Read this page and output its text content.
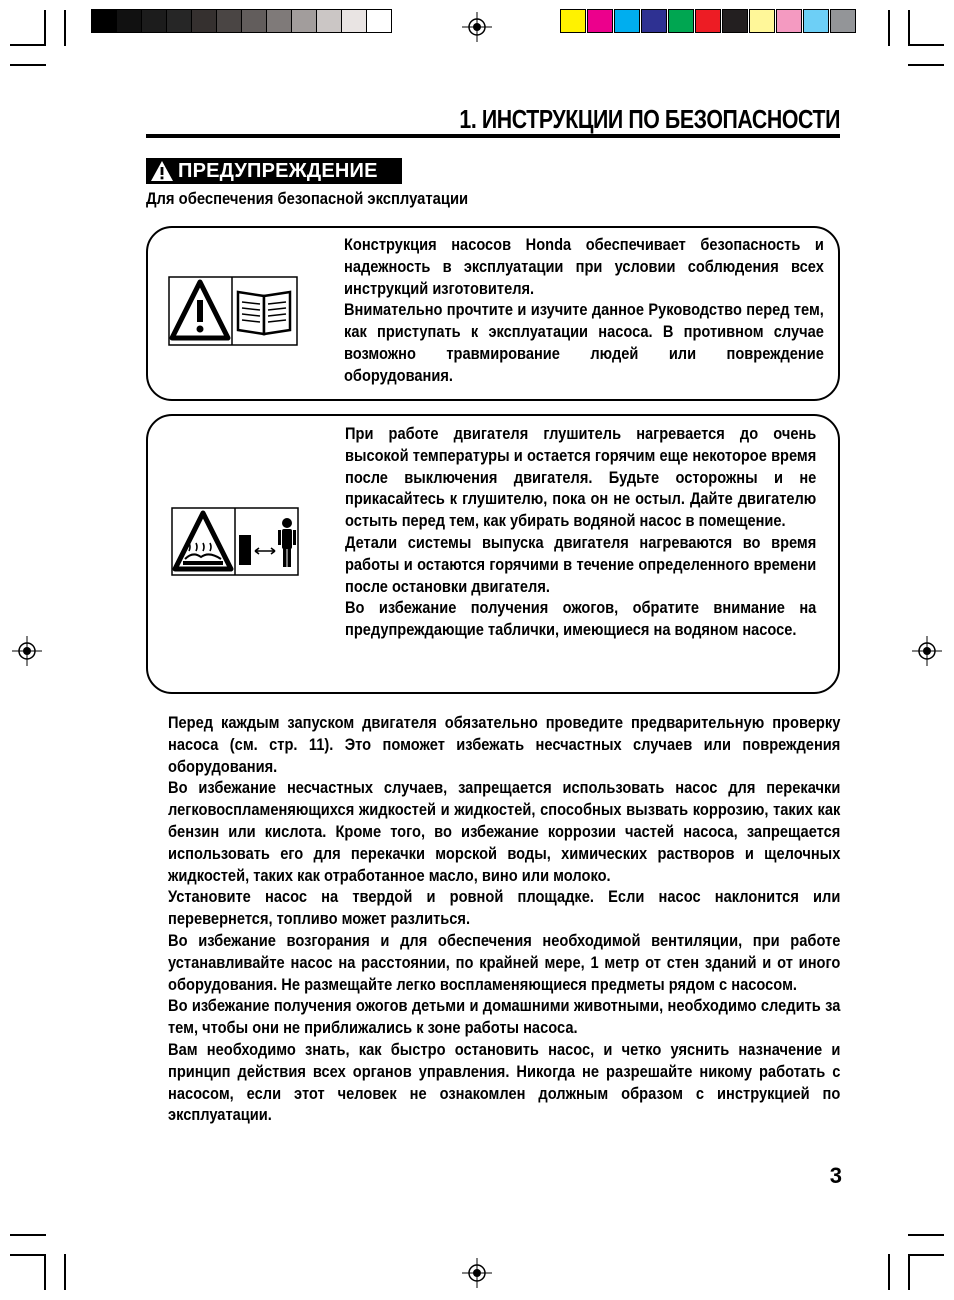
1. ИНСТРУКЦИИ ПО БЕЗОПАСНОСТИ
ПРЕДУПРЕЖДЕНИЕ
Для обеспечения безопасной эксплуатации

Конструкция насосов Honda обеспечивает безопасность и надежность в эксплуатации при условии соблюдения всех инструкций изготовителя.

Внимательно прочтите и изучите данное Руководство перед тем, как приступать к эксплуатации насоса. В противном случае возможно травмирование людей или повреждение оборудования.

При работе двигателя глушитель нагревается до очень высокой температуры и остается горячим еще некоторое время после выключения двигателя. Будьте осторожны и не прикасайтесь к глушителю, пока он не остыл. Дайте двигателю остыть перед тем, как убирать водяной насос в помещение.

Детали системы выпуска двигателя нагреваются во время работы и остаются горячими в течение определенного времени после остановки двигателя.

Во избежание получения ожогов, обратите внимание на предупреждающие таблички, имеющиеся на водяном насосе.

Перед каждым запуском двигателя обязательно проведите предварительную проверку насоса (см. стр. 11). Это поможет избежать несчастных случаев или повреждения оборудования.

Во избежание несчастных случаев, запрещается использовать насос для перекачки легковоспламеняющихся жидкостей и жидкостей, способных вызвать коррозию, таких как бензин или кислота. Кроме того, во избежание коррозии частей насоса, запрещается использовать его для перекачки морской воды, химических растворов и щелочных жидкостей, таких как отработанное масло, вино или молоко.

Установите насос на твердой и ровной площадке. Если насос наклонится или перевернется, топливо может разлиться.

Во избежание возгорания и для обеспечения необходимой вентиляции, при работе устанавливайте насос на расстоянии, по крайней мере, 1 метр от стен зданий и от иного оборудования. Не размещайте легко воспламеняющиеся предметы рядом с насосом.

Во избежание получения ожогов детьми и домашними животными, необходимо следить за тем, чтобы они не приближались к зоне работы насоса.

Вам необходимо знать, как быстро остановить насос, и четко уяснить назначение и принцип действия всех органов управления. Никогда не разрешайте никому работать с насосом, если этот человек не ознакомлен должным образом с инструкцией по эксплуатации.

3
